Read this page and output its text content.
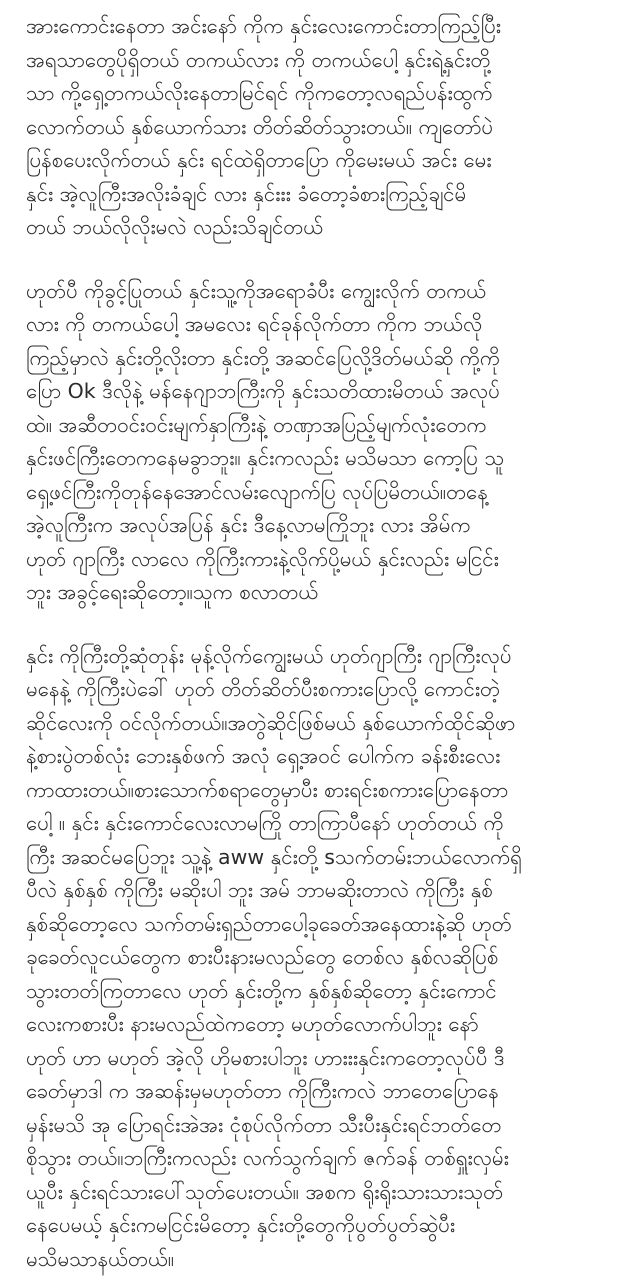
အားကောင်းနေတာ အင်းနော် ကိုက နှင်းလေးကောင်းတာကြည့်ပြီး
အရသာတွေပိုရှိတယ် တကယ်လား ကို တကယ်ပေါ့ နှင်းရဲ့နှင်းတို့
သာ ကို့ရှေ့တကယ်လိုးနေတာမြင်ရင် ကိုကတော့လရည်ပန်းထွက်
လောက်တယ် နှစ်ယောက်သား တိတ်ဆိတ်သွားတယ်။ ကျတော်ပဲ
ပြန်စပေးလိုက်တယ် နှင်း ရင်ထဲရှိတာပြော ကိုမေးမယ် အင်း မေး
နှင်း အဲ့လူကြီးအလိုးခံချင် လား နှင်းးး ခံတော့ခံစားကြည့်ချင်မိ
တယ် ဘယ်လိုလိုးမလဲ လည်းသိချင်တယ်
ဟုတ်ပီ ကိုခွင့်ပြုတယ် နှင်းသူ့ကိုအရောခံပီး ကျွေးလိုက် တကယ်
လား ကို တကယ်ပေါ့ အမလေး ရင်ခုန်လိုက်တာ ကိုက ဘယ်လို
ကြည့်မှာလဲ နှင်းတို့လိုးတာ နှင်းတို့ အဆင်ပြေလို့ဒိတ်မယ်ဆို ကို့ကို
ပြော Ok ဒီလိုနဲ့ မန်နေဂျာဘကြီးကို နှင်းသတိထားမိတယ် အလုပ်
ထဲ။ အဆီတဝင်းဝင်းမျက်နှာကြီးနဲ့ တဏှာအပြည့်မျက်လုံးတေက
နှင်းဖင်ကြီးတေကနေမခွာဘူး။ နှင်းကလည်း မသိမသာ ကော့ပြ သူ
ရှေ့ဖင်ကြီးကိုတုန်နေအောင်လမ်းလျောက်ပြ လုပ်ပြမိတယ်။တနေ့
အဲ့လူကြီးက အလုပ်အပြန် နှင်း ဒီနေ့လာမကြိုဘူး လား အိမ်က
ဟုတ် ဂျာကြီး လာလေ ကိုကြီးကားနဲ့လိုက်ပို့မယ် နှင်းလည်း မငြင်း
ဘူး အခွင့်ရေးဆိုတော့။သူက စလာတယ်
နှင်း ကိုကြီးတို့ဆုံတုန်း မုန့်လိုက်ကျွေးမယ် ဟုတ်ဂျာကြီး ဂျာကြီးလုပ်
မနေနဲ့ ကိုကြီးပဲခေါ် ဟုတ် တိတ်ဆိတ်ပီးစကားပြောလို့ ကောင်းတဲ့
ဆိုင်လေးကို ဝင်လိုက်တယ်။အတွဲဆိုင်ဖြစ်မယ် နှစ်ယောက်ထိုင်ဆိုဖာ
နဲ့စားပွဲတစ်လုံး ဘေးနှစ်ဖက် အလုံ ရှေ့အဝင် ပေါက်က ခန်းစီးလေး
ကာထားတယ်။စားသောက်စရာတွေမှာပီး စားရင်းစကားပြောနေတာ
ပေါ့ ။ နှင်း နှင်းကောင်လေးလာမကြို တာကြာပီနော် ဟုတ်တယ် ကို
ကြီး အဆင်မပြေဘူး သူ့နဲ့ aww နှင်းတို့ sသက်တမ်းဘယ်လောက်ရှိ
ပီလဲ နှစ်နှစ် ကိုကြီး မဆိုးပါ ဘူး အမ် ဘာမဆိုးတာလဲ ကိုကြီး နှစ်
နှစ်ဆိုတော့လေ သက်တမ်းရှည်တာပေါ့ခုခေတ်အနေထားနဲ့ဆို ဟုတ်
ခုခေတ်လူငယ်တွေက စားပီးနားမလည်တွေ တေစ်လ နှစ်လဆိုပြစ်
သွားတတ်ကြတာလေ ဟုတ် နှင်းတို့က နှစ်နှစ်ဆိုတော့ နှင်းကောင်
လေးကစားပီး နားမလည်ထဲကတော့ မဟုတ်လောက်ပါဘူး နော်
ဟုတ် ဟာ မဟုတ် အဲ့လို ဟိုမစားပါဘူး ဟားးးနှင်းကတော့လုပ်ပီ ဒီ
ခေတ်မှာဒါ က အဆန်းမှမဟုတ်တာ ကိုကြီးကလဲ ဘာတေပြောနေ
မှန်းမသိ အု ပြောရင်းအဲအး ငုံစုပ်လိုက်တာ သီးပီးနှင်းရင်ဘတ်တေ
စိုသွား တယ်။ဘကြီးကလည်း လက်သွက်ချက် ဇက်ခန် တစ်ရှူးလှမ်း
ယူပီး နှင်းရင်သားပေါ်သုတ်ပေးတယ်။ အစက ရိုးရိုးသားသားသုတ်
နေပေမယ့် နှင်းကမငြင်းမိတော့ နှင်းတို့တွေကိုပွတ်ပွတ်ဆွဲပီး
မသိမသာနယ်တယ်။
